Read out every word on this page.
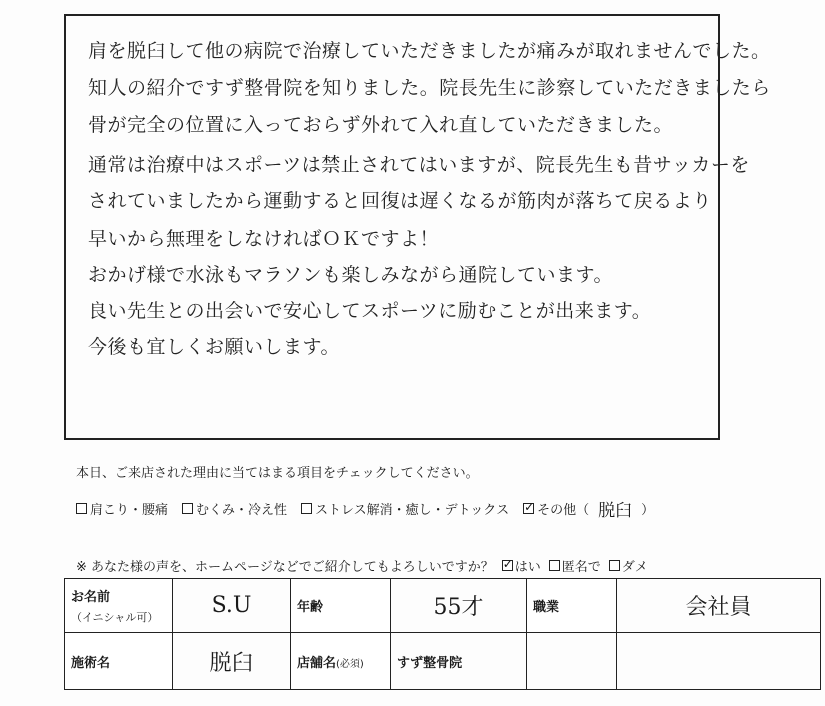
肩を脱臼して他の病院で治療していただきましたが痛みが取れませんでした。
知人の紹介ですず整骨院を知りました。院長先生に診察していただきましたら
骨が完全の位置に入っておらず外れて入れ直していただきました。
通常は治療中はスポーツは禁止されてはいますが、院長先生も昔サッカーを
されていましたから運動すると回復は遅くなるが筋肉が落ちて戻るより
早いから無理をしなければＯＫですよ！
おかげ様で水泳もマラソンも楽しみながら通院しています。
良い先生との出会いで安心してスポーツに励むことが出来ます。
今後も宜しくお願いします。
本日、ご来店された理由に当てはまる項目をチェックしてください。
肩こり・腰痛 むくみ・冷え性 ストレス解消・癒し・デトックス ✓ その他（ 脱臼 ）
※ あなた様の声を、ホームページなどでご紹介してもよろしいですか？ ✓ はい 匿名で ダメ
お名前
（イニシャル可）	S.U	年齢	55才	職業	会社員
施術名	脱臼	店舗名(必須)	すず整骨院		
